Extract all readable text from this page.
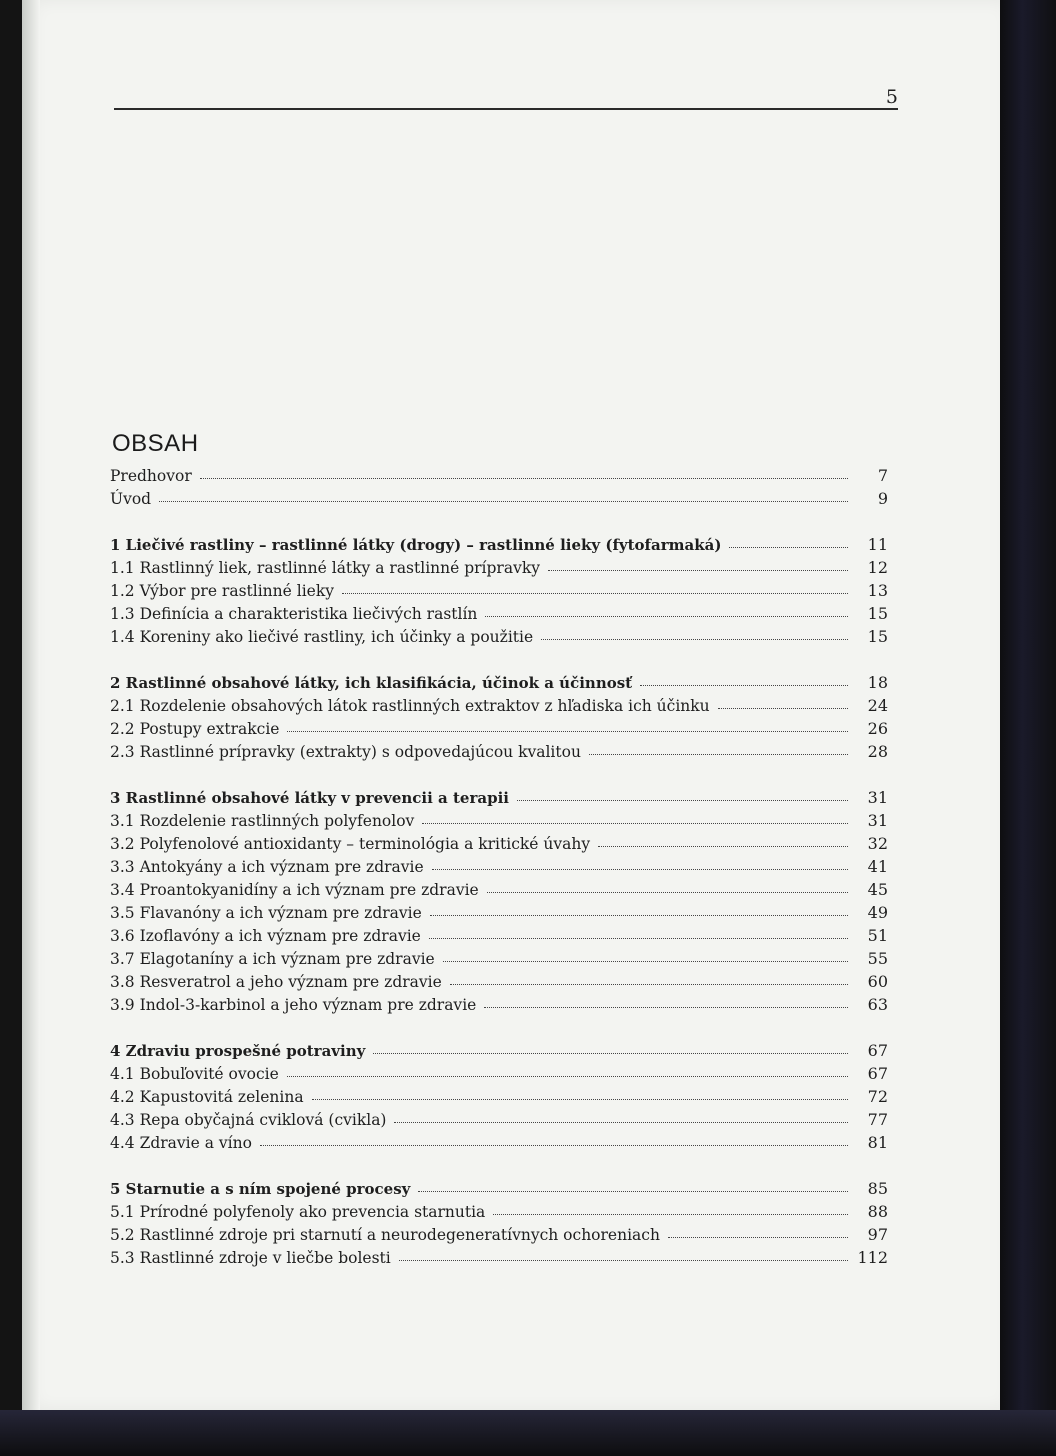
5
OBSAH
Predhovor	7
Úvod	9
1 Liečivé rastliny – rastlinné látky (drogy) – rastlinné lieky (fytofarmaká)	11
1.1 Rastlinný liek, rastlinné látky a rastlinné prípravky	12
1.2 Výbor pre rastlinné lieky	13
1.3 Definícia a charakteristika liečivých rastlín	15
1.4 Koreniny ako liečivé rastliny, ich účinky a použitie	15
2 Rastlinné obsahové látky, ich klasifikácia, účinok a účinnosť	18
2.1 Rozdelenie obsahových látok rastlinných extraktov z hľadiska ich účinku	24
2.2 Postupy extrakcie	26
2.3 Rastlinné prípravky (extrakty) s odpovedajúcou kvalitou	28
3 Rastlinné obsahové látky v prevencii a terapii	31
3.1 Rozdelenie rastlinných polyfenolov	31
3.2 Polyfenolové antioxidanty – terminológia a kritické úvahy	32
3.3 Antokyány a ich význam pre zdravie	41
3.4 Proantokyanidíny a ich význam pre zdravie	45
3.5 Flavanóny a ich význam pre zdravie	49
3.6 Izoflavóny a ich význam pre zdravie	51
3.7 Elagotaníny a ich význam pre zdravie	55
3.8 Resveratrol a jeho význam pre zdravie	60
3.9 Indol-3-karbinol a jeho význam pre zdravie	63
4 Zdraviu prospešné potraviny	67
4.1 Bobuľovité ovocie	67
4.2 Kapustovitá zelenina	72
4.3 Repa obyčajná cviklová (cvikla)	77
4.4 Zdravie a víno	81
5 Starnutie a s ním spojené procesy	85
5.1 Prírodné polyfenoly ako prevencia starnutia	88
5.2 Rastlinné zdroje pri starnutí a neurodegeneratívnych ochoreniach	97
5.3 Rastlinné zdroje v liečbe bolesti	112
